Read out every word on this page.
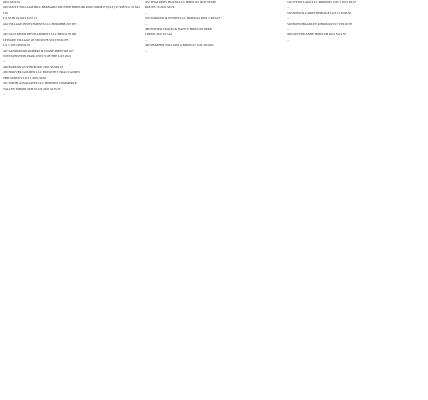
2021 $322.61
443 SOUTT WILLIAM BILL BERNARD TRUSTEE B0003180 #2021 00008177(CLT) 27 $3876 G 31 $32 130
Lot 65 Bl 16 2021 $157.15
444 VILLAGE INVESTMENTS LLC B0002888 250 TH
...
445 SALT RIVER DEVELOPMENT LLC B0341178 409
LEISURE VILLAGE #0 536 $1978 S33 T3N R17E
Lot 1 2021 $8,016.01
447 SANDERSON ROBERT & DIANE B0007198 107
WITTGENSTEIN PARK UNIT 3 OF THE LOT 2021
...
449 BURTON GUY B0303187 2021 $3,064.72
450 HOOVER GOLDEN LLC B0332578 3 TRACT ACRES
TBD SURVEY LOT 1 2021 $0.02
451 SMITH ASSOCIATES LLC B0002855 COMMERCE
VALLEY MINOR SUB 9 LOT 2021 $123.35
...
452 THACKERY HOUSE LLC B0002101 OLD STATE
ROUTE 70 2021 $0.79
...
470 TOMASSI & JENSEN LLC B0000114 BOX 2 TRACT
...
480 FOSTER TRAVIS & NANCY B0001218 DEER
CREEK 2021 $71.44
...
490 SHAFFER WILLIAM G B0002127 LOT 48 2021
...
516 WYND LAKE LLC B0002847 LOT 5 2021 $0.07
...
530 BOYD R LARRY B0004218 LOT 13 $128.50
...
540 BOYD BRADLEY R B0002163 S7 T3N R17E
...
560 NUTTER ANNE B0005138 2021 $114.55
...
